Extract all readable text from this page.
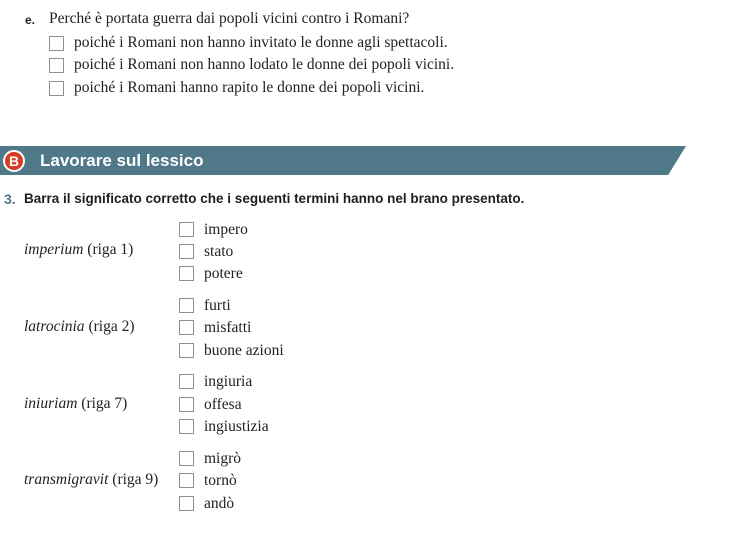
e. Perché è portata guerra dai popoli vicini contro i Romani?
poiché i Romani non hanno invitato le donne agli spettacoli.
poiché i Romani non hanno lodato le donne dei popoli vicini.
poiché i Romani hanno rapito le donne dei popoli vicini.
B	Lavorare sul lessico
3. Barra il significato corretto che i seguenti termini hanno nel brano presentato.
imperium (riga 1)
impero
stato
potere
latrocinia (riga 2)
furti
misfatti
buone azioni
iniuriam (riga 7)
ingiuria
offesa
ingiustizia
transmigravit (riga 9)
migrò
tornò
andò
